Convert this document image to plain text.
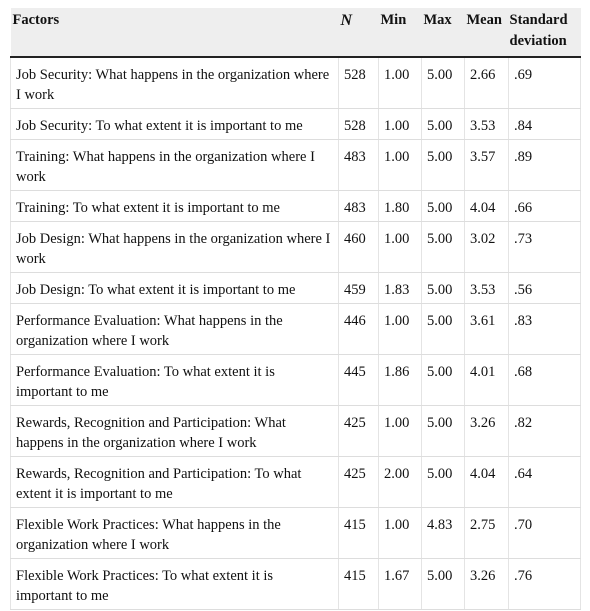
Factors	N	Min	Max	Mean	Standard
deviation
Job Security: What happens in the organization where I work	528	1.00	5.00	2.66	.69
Job Security: To what extent it is important to me	528	1.00	5.00	3.53	.84
Training: What happens in the organization where I work	483	1.00	5.00	3.57	.89
Training: To what extent it is important to me	483	1.80	5.00	4.04	.66
Job Design: What happens in the organization where I work	460	1.00	5.00	3.02	.73
Job Design: To what extent it is important to me	459	1.83	5.00	3.53	.56
Performance Evaluation: What happens in the organization where I work	446	1.00	5.00	3.61	.83
Performance Evaluation: To what extent it is important to me	445	1.86	5.00	4.01	.68
Rewards, Recognition and Participation: What happens in the organization where I work	425	1.00	5.00	3.26	.82
Rewards, Recognition and Participation: To what extent it is important to me	425	2.00	5.00	4.04	.64
Flexible Work Practices: What happens in the organization where I work	415	1.00	4.83	2.75	.70
Flexible Work Practices: To what extent it is important to me	415	1.67	5.00	3.26	.76
